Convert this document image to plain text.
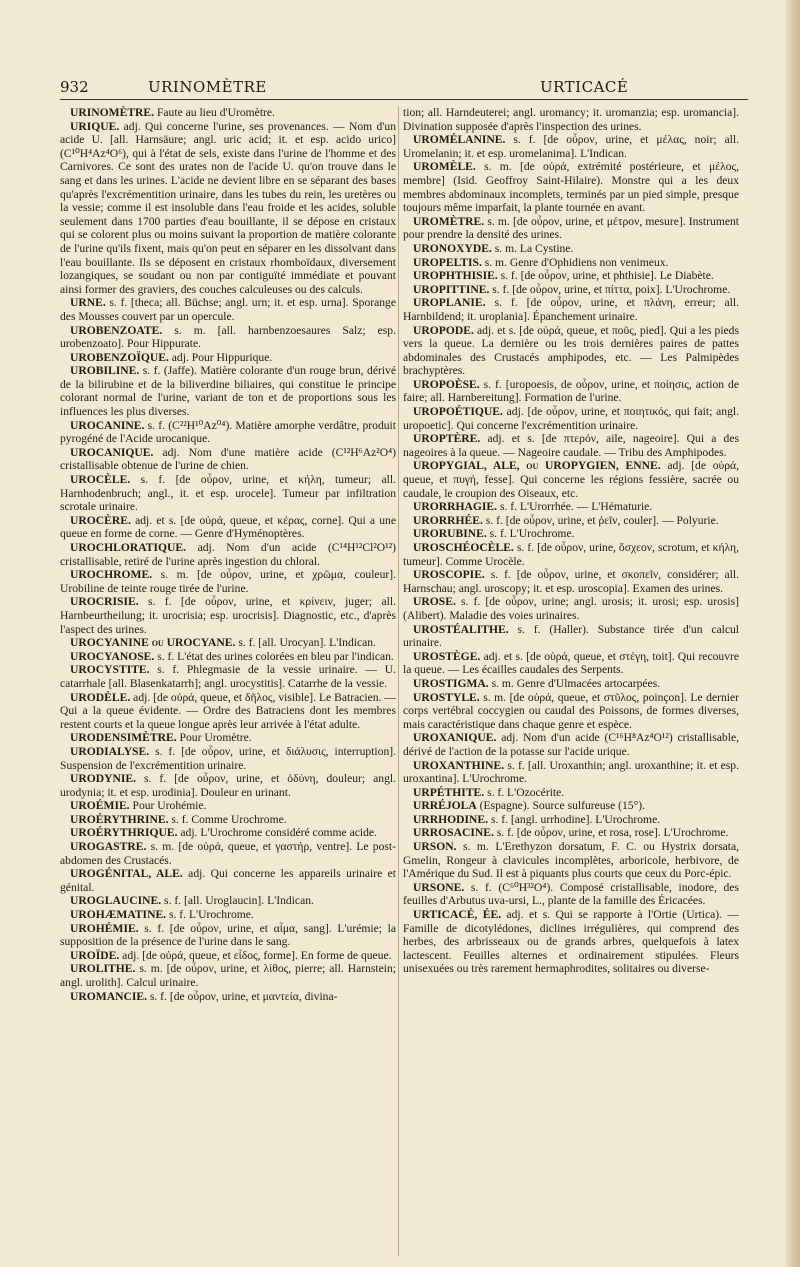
932	URINOMÈTRE	URTICACÉ

URINOMÈTRE. Faute au lieu d'Uromètre.

URIQUE. adj. Qui concerne l'urine, ses provenances. — Nom d'un acide U. [all. Harnsäure; angl. uric acid; it. et esp. acido urico] (C¹⁰H⁴Az⁴O⁶), qui à l'état de sels, existe dans l'urine de l'homme et des Carnivores. Ce sont des urates non de l'acide U. qu'on trouve dans le sang et dans les urines. L'acide ne devient libre en se séparant des bases qu'après l'excrémentition urinaire, dans les tubes du rein, les uretères ou la vessie; comme il est insoluble dans l'eau froide et les acides, soluble seulement dans 1700 parties d'eau bouillante, il se dépose en cristaux qui se colorent plus ou moins suivant la proportion de matière colorante de l'urine qu'ils fixent, mais qu'on peut en séparer en les dissolvant dans l'eau bouillante. Ils se déposent en cristaux rhomboïdaux, diversement lozangiques, se soudant ou non par contiguïté immédiate et pouvant ainsi former des graviers, des couches calculeuses ou des calculs.

URNE. s. f. [theca; all. Büchse; angl. urn; it. et esp. urna]. Sporange des Mousses couvert par un opercule.

UROBENZOATE. s. m. [all. harnbenzoesaures Salz; esp. urobenzoato]. Pour Hippurate.

UROBENZOÏQUE. adj. Pour Hippurique.

UROBILINE. s. f. (Jaffe). Matière colorante d'un rouge brun, dérivé de la bilirubine et de la biliverdine biliaires, qui constitue le principe colorant normal de l'urine, variant de ton et de proportions sous les influences les plus diverses.

UROCANINE. s. f. (C²²H¹⁰Az⁰⁴). Matière amorphe verdâtre, produit pyrogéné de l'Acide urocanique.

UROCANIQUE. adj. Nom d'une matière acide (C¹²H⁶Az²O⁴) cristallisable obtenue de l'urine de chien.

UROCÈLE. s. f. [de οὖρον, urine, et κήλη, tumeur; all. Harnhodenbruch; angl., it. et esp. urocele]. Tumeur par infiltration scrotale urinaire.

UROCÈRE. adj. et s. [de οὐρά, queue, et κέρας, corne]. Qui a une queue en forme de corne. — Genre d'Hyménoptères.

UROCHLORATIQUE. adj. Nom d'un acide (C¹⁴H¹²Cl²O¹²) cristallisable, retiré de l'urine après ingestion du chloral.

UROCHROME. s. m. [de οὖρον, urine, et χρῶμα, couleur]. Urobiline de teinte rouge tirée de l'urine.

UROCRISIE. s. f. [de οὖρον, urine, et κρίνειν, juger; all. Harnbeurtheilung; it. urocrisia; esp. urocrisis]. Diagnostic, etc., d'après l'aspect des urines.

UROCYANINE ou UROCYANE. s. f. [all. Urocyan]. L'Indican.

UROCYANOSE. s. f. L'état des urines colorées en bleu par l'indican.

UROCYSTITE. s. f. Phlegmasie de la vessie urinaire. — U. catarrhale [all. Blasenkatarrh]; angl. urocystitis]. Catarrhe de la vessie.

URODÈLE. adj. [de οὐρά, queue, et δῆλος, visible]. Le Batracien. — Qui a la queue évidente. — Ordre des Batraciens dont les membres restent courts et la queue longue après leur arrivée à l'état adulte.

URODENSIMÈTRE. Pour Uromètre.

URODIALYSE. s. f. [de οὖρον, urine, et διάλυσις, interruption]. Suspension de l'excrémentition urinaire.

URODYNIE. s. f. [de οὖρον, urine, et ὀδύνη, douleur; angl. urodynia; it. et esp. urodinia]. Douleur en urinant.

UROÉMIE. Pour Urohémie.

UROÉRYTHRINE. s. f. Comme Urochrome.

UROÉRYTHRIQUE. adj. L'Urochrome considéré comme acide.

UROGASTRE. s. m. [de οὐρά, queue, et γαστήρ, ventre]. Le post-abdomen des Crustacés.

UROGÉNITAL, ALE. adj. Qui concerne les appareils urinaire et génital.

UROGLAUCINE. s. f. [all. Uroglaucin]. L'Indican.

UROHÆMATINE. s. f. L'Urochrome.

UROHÉMIE. s. f. [de οὖρον, urine, et αἷμα, sang]. L'urémie; la supposition de la présence de l'urine dans le sang.

UROÏDE. adj. [de οὐρά, queue, et εἶδος, forme]. En forme de queue.

UROLITHE. s. m. [de οὖρον, urine, et λίθος, pierre; all. Harnstein; angl. urolith]. Calcul urinaire.

UROMANCIE. s. f. [de οὖρον, urine, et μαντεία, divina-

tion; all. Harndeuterei; angl. uromancy; it. uromanzia; esp. uromancia]. Divination supposée d'après l'inspection des urines.

UROMÉLANINE. s. f. [de οὖρον, urine, et μέλας, noir; all. Uromelanin; it. et esp. uromelanima]. L'Indican.

UROMÈLE. s. m. [de οὐρά, extrémité postérieure, et μέλος, membre] (Isid. Geoffroy Saint-Hilaire). Monstre qui a les deux membres abdominaux incomplets, terminés par un pied simple, presque toujours même imparfait, la plante tournée en avant.

UROMÈTRE. s. m. [de οὖρον, urine, et μέτρον, mesure]. Instrument pour prendre la densité des urines.

URONOXYDE. s. m. La Cystine.

UROPELTIS. s. m. Genre d'Ophidiens non venimeux.

UROPHTHISIE. s. f. [de οὖρον, urine, et phthisie]. Le Diabète.

UROPITTINE. s. f. [de οὖρον, urine, et πίττα, poix]. L'Urochrome.

UROPLANIE. s. f. [de οὖρον, urine, et πλάνη, erreur; all. Harnbildend; it. uroplania]. Épanchement urinaire.

UROPODE. adj. et s. [de οὐρά, queue, et ποῦς, pied]. Qui a les pieds vers la queue. La dernière ou les trois dernières paires de pattes abdominales des Crustacés amphipodes, etc. — Les Palmipèdes brachyptères.

UROPOÈSE. s. f. [uropoesis, de οὖρον, urine, et ποίησις, action de faire; all. Harnbereitung]. Formation de l'urine.

UROPOÉTIQUE. adj. [de οὖρον, urine, et ποιητικός, qui fait; angl. uropoetic]. Qui concerne l'excrémentition urinaire.

UROPTÈRE. adj. et s. [de πτερόν, aile, nageoire]. Qui a des nageoires à la queue. — Nageoire caudale. — Tribu des Amphipodes.

UROPYGIAL, ALE, ou UROPYGIEN, ENNE. adj. [de οὐρά, queue, et πυγή, fesse]. Qui concerne les régions fessière, sacrée ou caudale, le croupion des Oiseaux, etc.

URORRHAGIE. s. f. L'Urorrhée. — L'Hématurie.

URORRHÉE. s. f. [de οὖρον, urine, et ῥεῖν, couler]. — Polyurie.

URORUBINE. s. f. L'Urochrome.

UROSCHÉOCÈLE. s. f. [de οὖρον, urine, ὄσχεον, scrotum, et κήλη, tumeur]. Comme Urocèle.

UROSCOPIE. s. f. [de οὖρον, urine, et σκοπεῖν, considérer; all. Harnschau; angl. uroscopy; it. et esp. uroscopia]. Examen des urines.

UROSE. s. f. [de οὖρον, urine; angl. urosis; it. urosi; esp. urosis] (Alibert). Maladie des voies urinaires.

UROSTÉALITHE. s. f. (Haller). Substance tirée d'un calcul urinaire.

UROSTÈGE. adj. et s. [de οὐρά, queue, et στέγη, toit]. Qui recouvre la queue. — Les écailles caudales des Serpents.

UROSTIGMA. s. m. Genre d'Ulmacées artocarpées.

UROSTYLE. s. m. [de οὐρά, queue, et στῦλος, poinçon]. Le dernier corps vertébral coccygien ou caudal des Poissons, de formes diverses, mais caractéristique dans chaque genre et espèce.

UROXANIQUE. adj. Nom d'un acide (C¹⁶H⁸Az⁴O¹²) cristallisable, dérivé de l'action de la potasse sur l'acide urique.

UROXANTHINE. s. f. [all. Uroxanthin; angl. uroxanthine; it. et esp. uroxantina]. L'Urochrome.

URPÉTHITE. s. f. L'Ozocérite.

URRÉJOLA (Espagne). Source sulfureuse (15°).

URRHODINE. s. f. [angl. urrhodine]. L'Urochrome.

URROSACINE. s. f. [de οὖρον, urine, et rosa, rose]. L'Urochrome.

URSON. s. m. L'Erethyzon dorsatum, F. C. ou Hystrix dorsata, Gmelin, Rongeur à clavicules incomplètes, arboricole, herbivore, de l'Amérique du Sud. Il est à piquants plus courts que ceux du Porc-épic.

URSONE. s. f. (C⁶⁰H³²O⁴). Composé cristallisable, inodore, des feuilles d'Arbutus uva-ursi, L., plante de la famille des Éricacées.

URTICACÉ, ÉE. adj. et s. Qui se rapporte à l'Ortie (Urtica). — Famille de dicotylédones, diclines irrégulières, qui comprend des herbes, des arbrisseaux ou de grands arbres, quelquefois à latex lactescent. Feuilles alternes et ordinairement stipulées. Fleurs unisexuées ou très rarement hermaphrodites, solitaires ou diverse-
